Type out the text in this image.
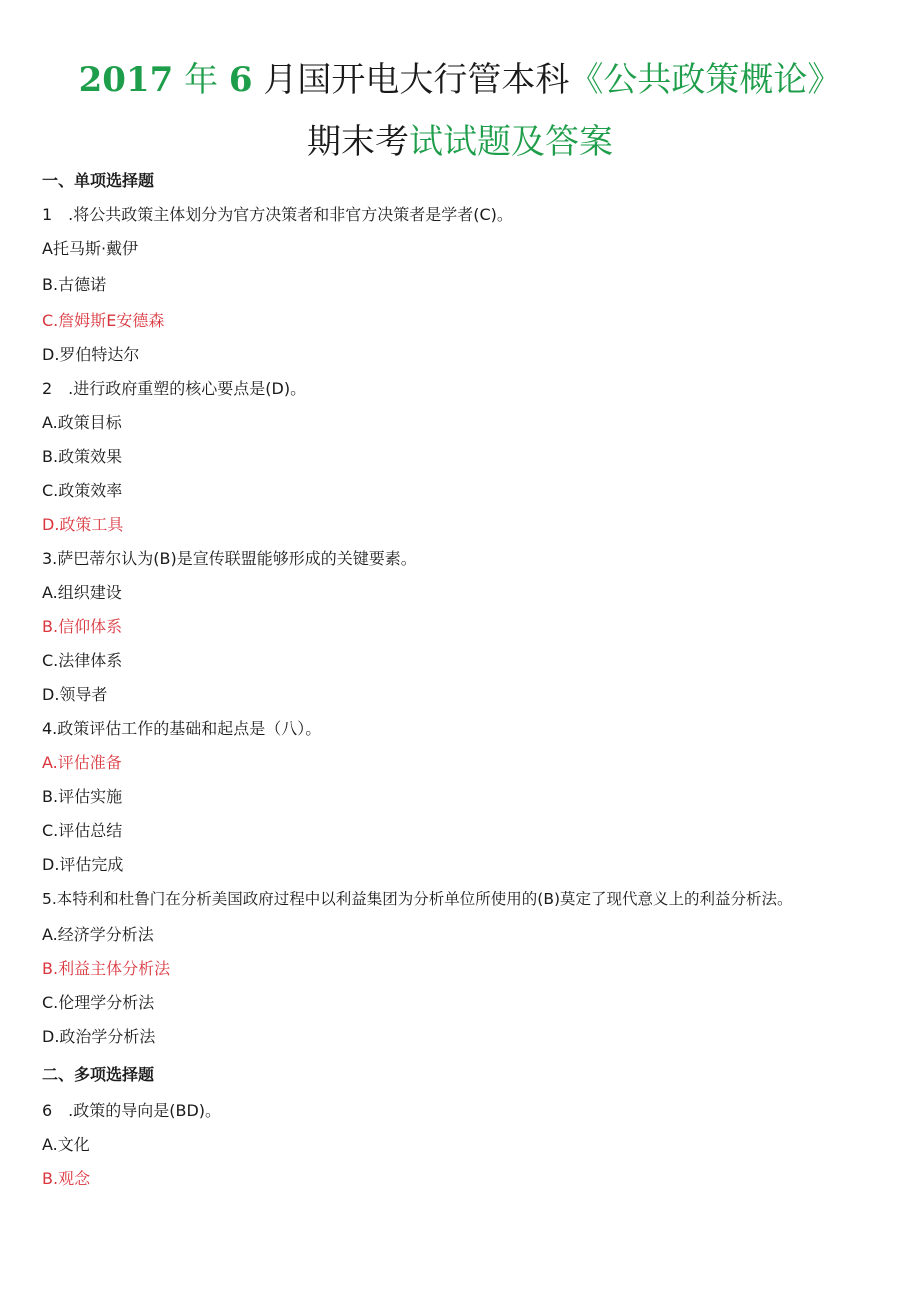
2017 年 6 月国开电大行管本科《公共政策概论》
期末考试试题及答案
一、单项选择题
1　.将公共政策主体划分为官方决策者和非官方决策者是学者(C)。
A托马斯·戴伊
B.古德诺
C.詹姆斯E安德森
D.罗伯特达尔
2　.进行政府重塑的核心要点是(D)。
A.政策目标
B.政策效果
C.政策效率
D.政策工具
3.萨巴蒂尔认为(B)是宣传联盟能够形成的关键要素。
A.组织建设
B.信仰体系
C.法律体系
D.领导者
4.政策评估工作的基础和起点是（八）。
A.评估准备
B.评估实施
C.评估总结
D.评估完成
5.本特利和杜鲁门在分析美国政府过程中以利益集团为分析单位所使用的(B)莫定了现代意义上的利益分析法。
A.经济学分析法
B.利益主体分析法
C.伦理学分析法
D.政治学分析法
二、多项选择题
6　.政策的导向是(BD)。
A.文化
B.观念
